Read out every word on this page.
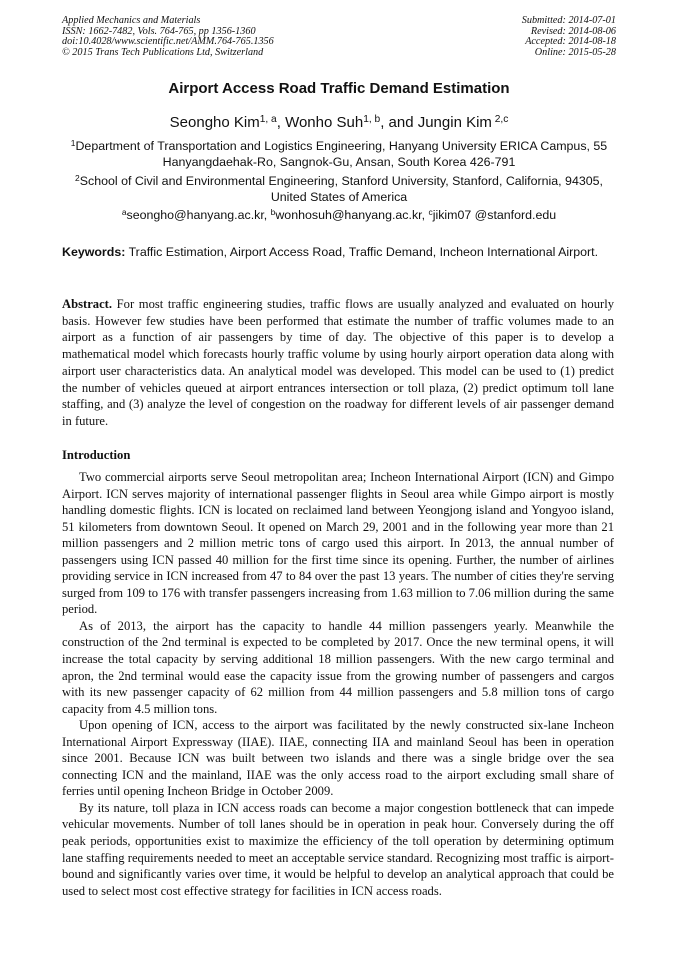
Applied Mechanics and Materials
ISSN: 1662-7482, Vols. 764-765, pp 1356-1360
doi:10.4028/www.scientific.net/AMM.764-765.1356
© 2015 Trans Tech Publications Ltd, Switzerland
Submitted: 2014-07-01
Revised: 2014-08-06
Accepted: 2014-08-18
Online: 2015-05-28
Airport Access Road Traffic Demand Estimation
Seongho Kim$^{1, a}$, Wonho Suh$^{1, b}$, and Jungin Kim $^{2,c}$
$^1$Department of Transportation and Logistics Engineering, Hanyang University ERICA Campus, 55 Hanyangdaehak-Ro, Sangnok-Gu, Ansan, South Korea 426-791
$^2$School of Civil and Environmental Engineering, Stanford University, Stanford, California, 94305, United States of America
$^a$seongho@hanyang.ac.kr, $^b$wonhosuh@hanyang.ac.kr, $^c$jikim07 @stanford.edu
Keywords: Traffic Estimation, Airport Access Road, Traffic Demand, Incheon International Airport.
Abstract. For most traffic engineering studies, traffic flows are usually analyzed and evaluated on hourly basis. However few studies have been performed that estimate the number of traffic volumes made to an airport as a function of air passengers by time of day. The objective of this paper is to develop a mathematical model which forecasts hourly traffic volume by using hourly airport operation data along with airport user characteristics data. An analytical model was developed. This model can be used to (1) predict the number of vehicles queued at airport entrances intersection or toll plaza, (2) predict optimum toll lane staffing, and (3) analyze the level of congestion on the roadway for different levels of air passenger demand in future.
Introduction

Two commercial airports serve Seoul metropolitan area; Incheon International Airport (ICN) and Gimpo Airport. ICN serves majority of international passenger flights in Seoul area while Gimpo airport is mostly handling domestic flights. ICN is located on reclaimed land between Yeongjong island and Yongyoo island, 51 kilometers from downtown Seoul. It opened on March 29, 2001 and in the following year more than 21 million passengers and 2 million metric tons of cargo used this airport. In 2013, the annual number of passengers using ICN passed 40 million for the first time since its opening. Further, the number of airlines providing service in ICN increased from 47 to 84 over the past 13 years. The number of cities they're serving surged from 109 to 176 with transfer passengers increasing from 1.63 million to 7.06 million during the same period.

As of 2013, the airport has the capacity to handle 44 million passengers yearly. Meanwhile the construction of the 2nd terminal is expected to be completed by 2017. Once the new terminal opens, it will increase the total capacity by serving additional 18 million passengers. With the new cargo terminal and apron, the 2nd terminal would ease the capacity issue from the growing number of passengers and cargos with its new passenger capacity of 62 million from 44 million passengers and 5.8 million tons of cargo capacity from 4.5 million tons.

Upon opening of ICN, access to the airport was facilitated by the newly constructed six-lane Incheon International Airport Expressway (IIAE). IIAE, connecting IIA and mainland Seoul has been in operation since 2001. Because ICN was built between two islands and there was a single bridge over the sea connecting ICN and the mainland, IIAE was the only access road to the airport excluding small share of ferries until opening Incheon Bridge in October 2009.

By its nature, toll plaza in ICN access roads can become a major congestion bottleneck that can impede vehicular movements. Number of toll lanes should be in operation in peak hour. Conversely during the off peak periods, opportunities exist to maximize the efficiency of the toll operation by determining optimum lane staffing requirements needed to meet an acceptable service standard. Recognizing most traffic is airport-bound and significantly varies over time, it would be helpful to develop an analytical approach that could be used to select most cost effective strategy for facilities in ICN access roads.
